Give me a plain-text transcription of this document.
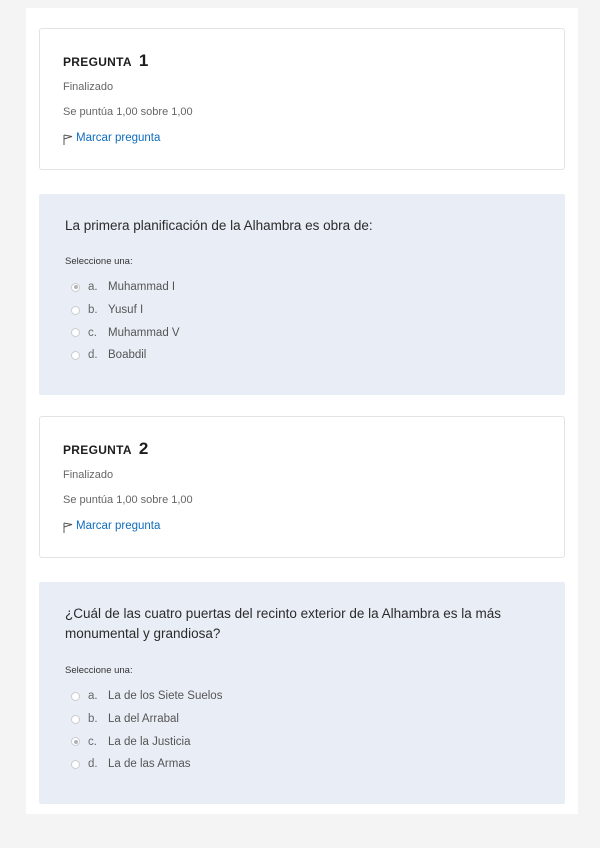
PREGUNTA 1
Finalizado
Se puntúa 1,00 sobre 1,00
Marcar pregunta
La primera planificación de la Alhambra es obra de:
Seleccione una:
a. Muhammad I
b. Yusuf I
c. Muhammad V
d. Boabdil
PREGUNTA 2
Finalizado
Se puntúa 1,00 sobre 1,00
Marcar pregunta
¿Cuál de las cuatro puertas del recinto exterior de la Alhambra es la más monumental y grandiosa?
Seleccione una:
a. La de los Siete Suelos
b. La del Arrabal
c. La de la Justicia
d. La de las Armas
